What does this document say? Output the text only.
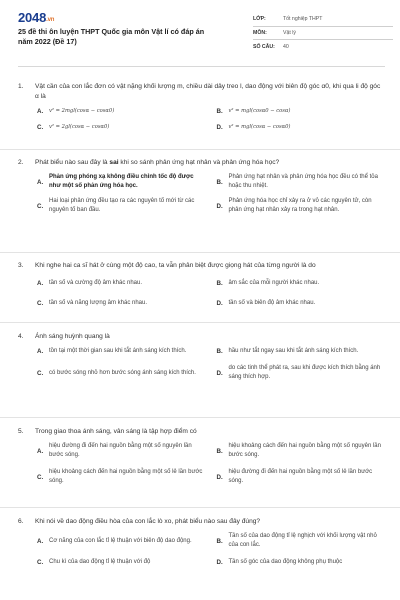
2048.vn
25 đề thi ôn luyện THPT Quốc gia môn Vật lí có đáp án năm 2022 (Đề 17)
LỚP:	Tốt nghiệp THPT
MÔN:	Vật lý
SỐ CÂU:	40
1.	Vật cần của con lắc đơn có vật nặng khối lượng m, chiều dài dây treo l, dao động với biên độ góc α0, khi qua li độ góc α là
A.	v² = 2mgl(cosα − cosα0)	B.	v² = mgl(cosα0 − cosα)
C.	v² = 2gl(cosα − cosα0)	D.	v² = mgl(cosα − cosα0)
2.	Phát biểu nào sau đây là sai khi so sánh phản ứng hạt nhân và phản ứng hóa học?
A.
Phản ứng phóng xạ không điều chỉnh tốc độ được như một số phản ứng hóa học.
B.
Phản ứng hạt nhân và phản ứng hóa học đều có thể tỏa hoặc thu nhiệt.
C.
Hai loại phản ứng đều tạo ra các nguyên tố mới từ các nguyên tố ban đầu.
D.
Phản ứng hóa học chỉ xảy ra ở vỏ các nguyên tử, còn phản ứng hạt nhân xảy ra trong hạt nhân.
3.	Khi nghe hai ca sĩ hát ở cùng một độ cao, ta vẫn phân biệt được giọng hát của từng người là do
A. tần số và cường độ âm khác nhau.	B. âm sắc của mỗi người khác nhau.
C. tần số và năng lượng âm khác nhau.	D. tần số và biên độ âm khác nhau.
4.	Ánh sáng huỳnh quang là
A. tồn tại một thời gian sau khi tắt ánh sáng kích thích.	B. hầu như tắt ngay sau khi tắt ánh sáng kích thích.
C. có bước sóng nhỏ hơn bước sóng ánh sáng kích thích.	D.
do các tinh thể phát ra, sau khi được kích thích bằng ánh sáng thích hợp.
5.	Trong giao thoa ánh sáng, vân sáng là tập hợp điểm có
A.
hiệu đường đi đến hai nguồn bằng một số nguyên lần bước sóng.
B.
hiệu khoảng cách đến hai nguồn bằng một số nguyên lần bước sóng.
C.
hiệu khoảng cách đến hai nguồn bằng một số lẻ lần bước sóng.
D.
hiệu đường đi đến hai nguồn bằng một số lẻ lần bước sóng.
6.	Khi nói về dao động điều hòa của con lắc lò xo, phát biểu nào sau đây đúng?
A. Cơ năng của con lắc tỉ lệ thuận với biên độ dao động.	B.
Tần số của dao động tỉ lệ nghịch với khối lượng vật nhỏ của con lắc.
C. Chu kì của dao động tỉ lệ thuận với độ	D. Tần số góc của dao động không phụ thuộc
